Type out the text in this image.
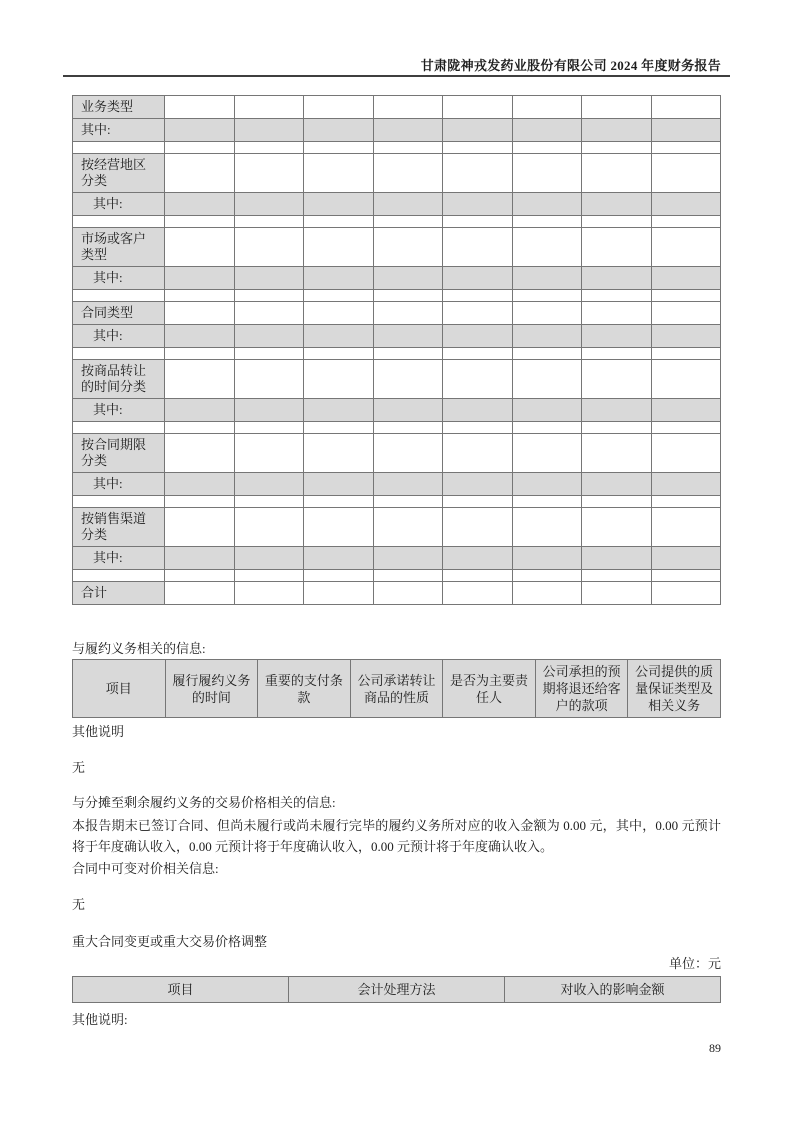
甘肃陇神戎发药业股份有限公司 2024 年度财务报告
业务类型								
其中:								

按经营地区分类								
其中:								

市场或客户类型								
其中:								

合同类型								
其中:								

按商品转让的时间分类								
其中:								

按合同期限分类								
其中:								

按销售渠道分类								
其中:								

合计								
与履约义务相关的信息:
项目	履行履约义务的时间	重要的支付条款	公司承诺转让商品的性质	是否为主要责任人	公司承担的预期将退还给客户的款项	公司提供的质量保证类型及相关义务
其他说明
无
与分摊至剩余履约义务的交易价格相关的信息:
本报告期末已签订合同、但尚未履行或尚未履行完毕的履约义务所对应的收入金额为 0.00 元，其中，0.00 元预计将于年度确认收入，0.00 元预计将于年度确认收入，0.00 元预计将于年度确认收入。
合同中可变对价相关信息:
无
重大合同变更或重大交易价格调整
单位：元
项目	会计处理方法	对收入的影响金额
其他说明:
89
